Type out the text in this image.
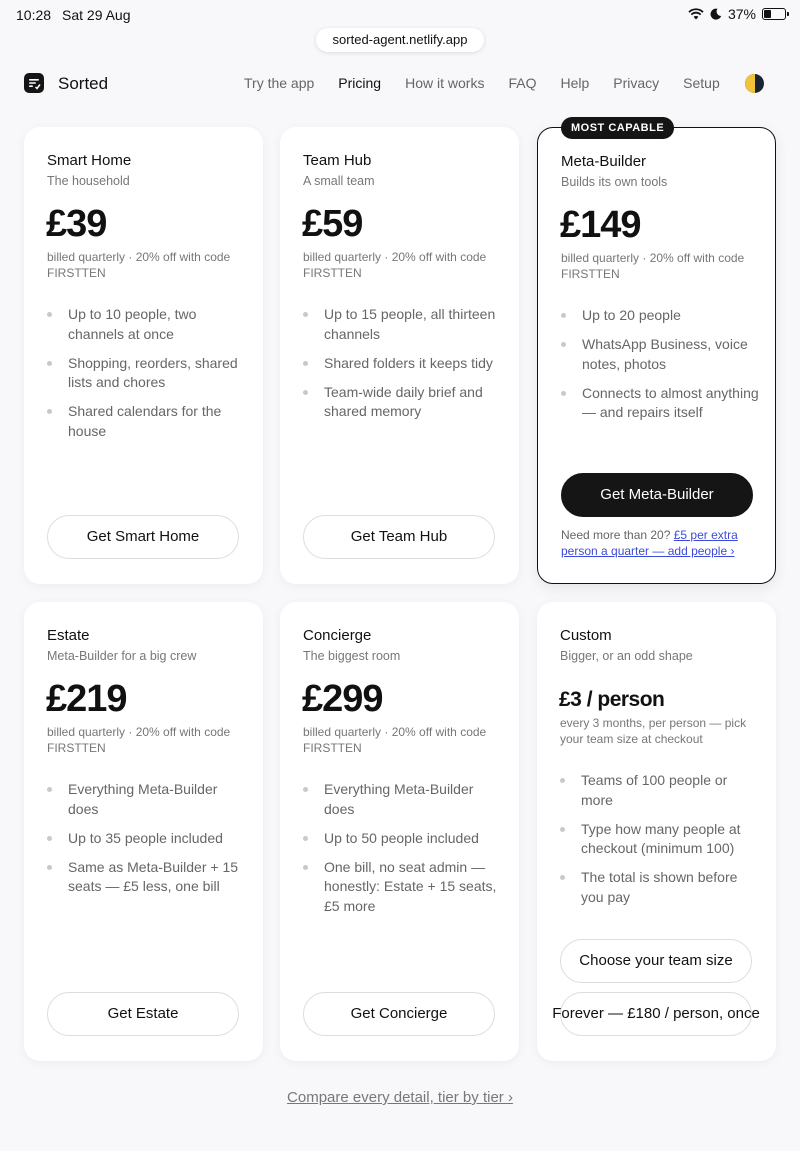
10:28 Sat 29 Aug	37%
sorted-agent.netlify.app
Sorted	Try the app Pricing How it works FAQ Help Privacy Setup
Smart Home
The household
£39
billed quarterly · 20% off with code FIRSTTEN
Up to 10 people, two channels at once
Shopping, reorders, shared lists and chores
Shared calendars for the house
Get Smart Home
Team Hub
A small team
£59
billed quarterly · 20% off with code FIRSTTEN
Up to 15 people, all thirteen channels
Shared folders it keeps tidy
Team-wide daily brief and shared memory
Get Team Hub
MOST CAPABLE
Meta-Builder
Builds its own tools
£149
billed quarterly · 20% off with code FIRSTTEN
Up to 20 people
WhatsApp Business, voice notes, photos
Connects to almost anything — and repairs itself
Get Meta-Builder
Need more than 20? £5 per extra person a quarter — add people ›
Estate
Meta-Builder for a big crew
£219
billed quarterly · 20% off with code FIRSTTEN
Everything Meta-Builder does
Up to 35 people included
Same as Meta-Builder + 15 seats — £5 less, one bill
Get Estate
Concierge
The biggest room
£299
billed quarterly · 20% off with code FIRSTTEN
Everything Meta-Builder does
Up to 50 people included
One bill, no seat admin — honestly: Estate + 15 seats, £5 more
Get Concierge
Custom
Bigger, or an odd shape
£3 / person
every 3 months, per person — pick your team size at checkout
Teams of 100 people or more
Type how many people at checkout (minimum 100)
The total is shown before you pay
Choose your team size
Forever — £180 / person, once
Compare every detail, tier by tier ›
